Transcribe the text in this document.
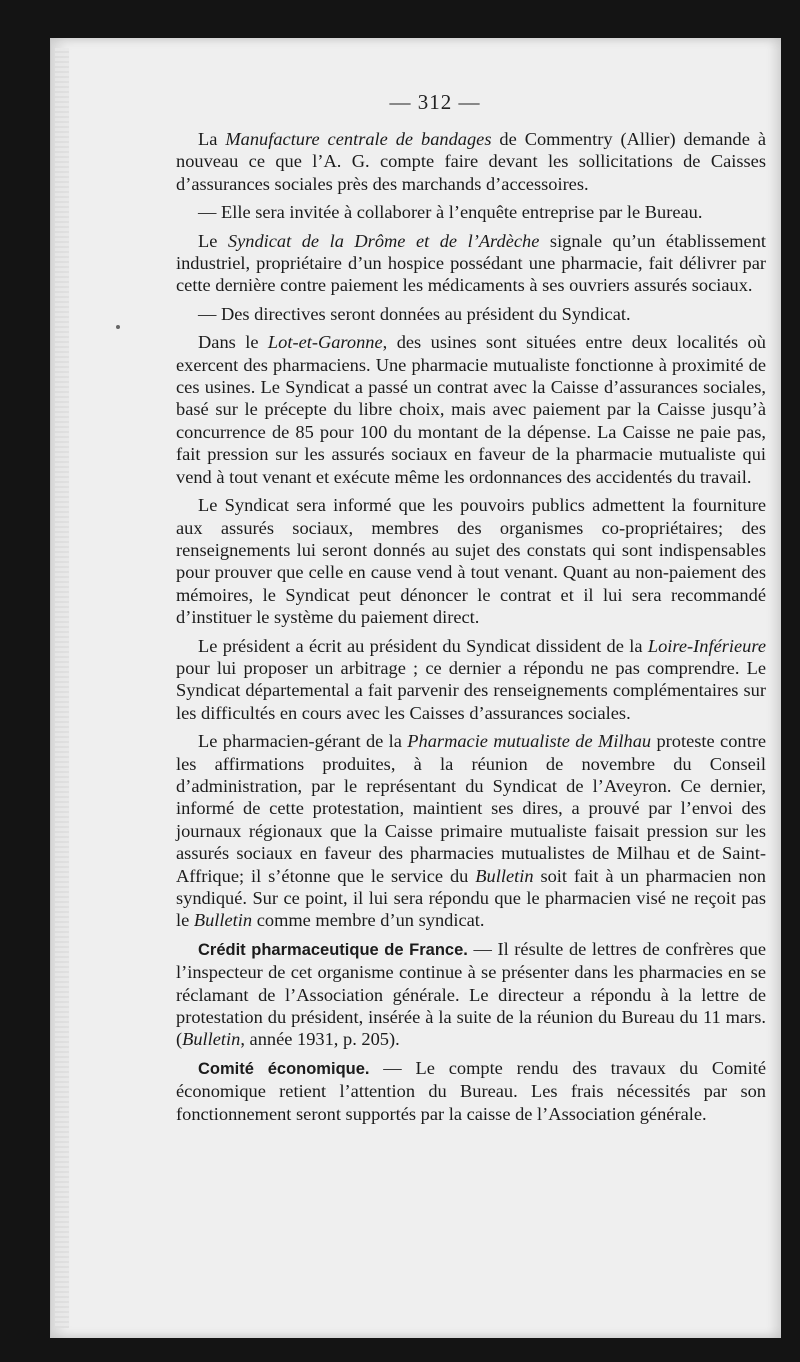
— 312 —

La Manufacture centrale de bandages de Commentry (Allier) demande à nouveau ce que l’A. G. compte faire devant les sollicitations de Caisses d’assurances sociales près des marchands d’accessoires.

— Elle sera invitée à collaborer à l’enquête entreprise par le Bureau.

Le Syndicat de la Drôme et de l’Ardèche signale qu’un établissement industriel, propriétaire d’un hospice possédant une pharmacie, fait délivrer par cette dernière contre paiement les médicaments à ses ouvriers assurés sociaux.

— Des directives seront données au président du Syndicat.

Dans le Lot-et-Garonne, des usines sont situées entre deux localités où exercent des pharmaciens. Une pharmacie mutualiste fonctionne à proximité de ces usines. Le Syndicat a passé un contrat avec la Caisse d’assurances sociales, basé sur le précepte du libre choix, mais avec paiement par la Caisse jusqu’à concurrence de 85 pour 100 du montant de la dépense. La Caisse ne paie pas, fait pression sur les assurés sociaux en faveur de la pharmacie mutualiste qui vend à tout venant et exécute même les ordonnances des accidentés du travail.

Le Syndicat sera informé que les pouvoirs publics admettent la fourniture aux assurés sociaux, membres des organismes co-propriétaires; des renseignements lui seront donnés au sujet des constats qui sont indispensables pour prouver que celle en cause vend à tout venant. Quant au non-paiement des mémoires, le Syndicat peut dénoncer le contrat et il lui sera recommandé d’instituer le système du paiement direct.

Le président a écrit au président du Syndicat dissident de la Loire-Inférieure pour lui proposer un arbitrage ; ce dernier a répondu ne pas comprendre. Le Syndicat départemental a fait parvenir des renseignements complémentaires sur les difficultés en cours avec les Caisses d’assurances sociales.

Le pharmacien-gérant de la Pharmacie mutualiste de Milhau proteste contre les affirmations produites, à la réunion de novembre du Conseil d’administration, par le représentant du Syndicat de l’Aveyron. Ce dernier, informé de cette protestation, maintient ses dires, a prouvé par l’envoi des journaux régionaux que la Caisse primaire mutualiste faisait pression sur les assurés sociaux en faveur des pharmacies mutualistes de Milhau et de Saint-Affrique; il s’étonne que le service du Bulletin soit fait à un pharmacien non syndiqué. Sur ce point, il lui sera répondu que le pharmacien visé ne reçoit pas le Bulletin comme membre d’un syndicat.

Crédit pharmaceutique de France. — Il résulte de lettres de confrères que l’inspecteur de cet organisme continue à se présenter dans les pharmacies en se réclamant de l’Association générale. Le directeur a répondu à la lettre de protestation du président, insérée à la suite de la réunion du Bureau du 11 mars. (Bulletin, année 1931, p. 205).

Comité économique. — Le compte rendu des travaux du Comité économique retient l’attention du Bureau. Les frais nécessités par son fonctionnement seront supportés par la caisse de l’Association générale.
